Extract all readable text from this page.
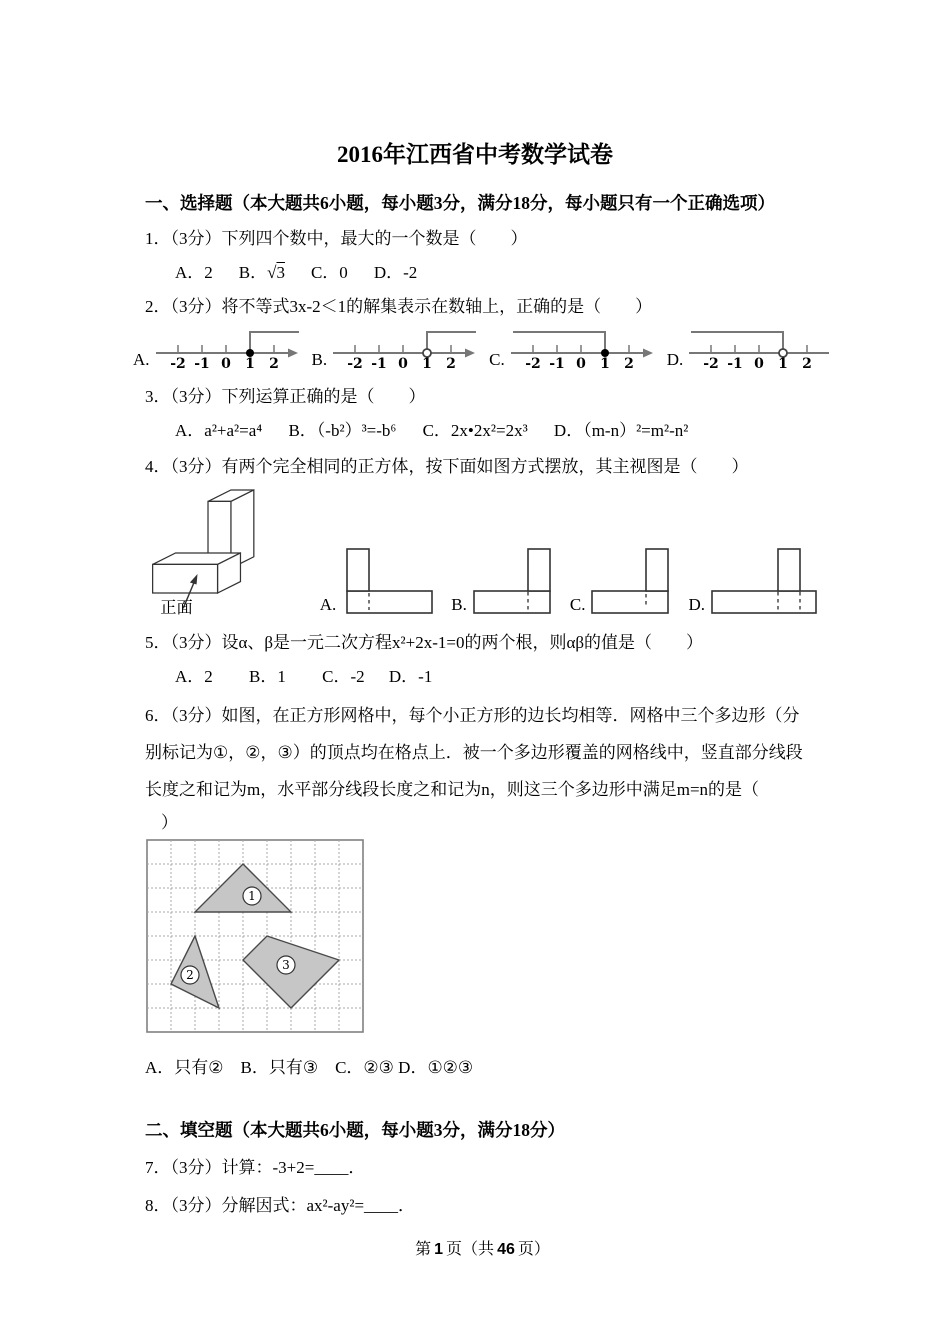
2016年江西省中考数学试卷
一、选择题（本大题共6小题，每小题3分，满分18分，每小题只有一个正确选项）
1．（3分）下列四个数中，最大的一个数是（　　）
A．2 B．√3 C．0 D．-2
2．（3分）将不等式3x-2＜1的解集表示在数轴上，正确的是（　　）
A. -2 -1 0 1 2 B. -2 -1 0 1 2 C. -2 -1 0 1 2 D. -2 -1 0 1 2
3．（3分）下列运算正确的是（　　）
A．a²+a²=a⁴ B．（-b²）³=-b⁶ C．2x•2x²=2x³ D．（m-n）²=m²-n²
4．（3分）有两个完全相同的正方体，按下面如图方式摆放，其主视图是（　　）
正面	A.	B.	C.	D.
5．（3分）设α、β是一元二次方程x²+2x-1=0的两个根，则αβ的值是（　　）
A．2 B．1 C．-2 D．-1
6．（3分）如图，在正方形网格中，每个小正方形的边长均相等．网格中三个多边形（分
别标记为①，②，③）的顶点均在格点上．被一个多边形覆盖的网格线中，竖直部分线段
长度之和记为m，水平部分线段长度之和记为n，则这三个多边形中满足m=n的是（
）
1
2
3
A．只有②　B．只有③　C．②③ D．①②③
二、填空题（本大题共6小题，每小题3分，满分18分）
7．（3分）计算：-3+2=____．
8．（3分）分解因式：ax²-ay²=____．
第 1 页（共 46 页）
